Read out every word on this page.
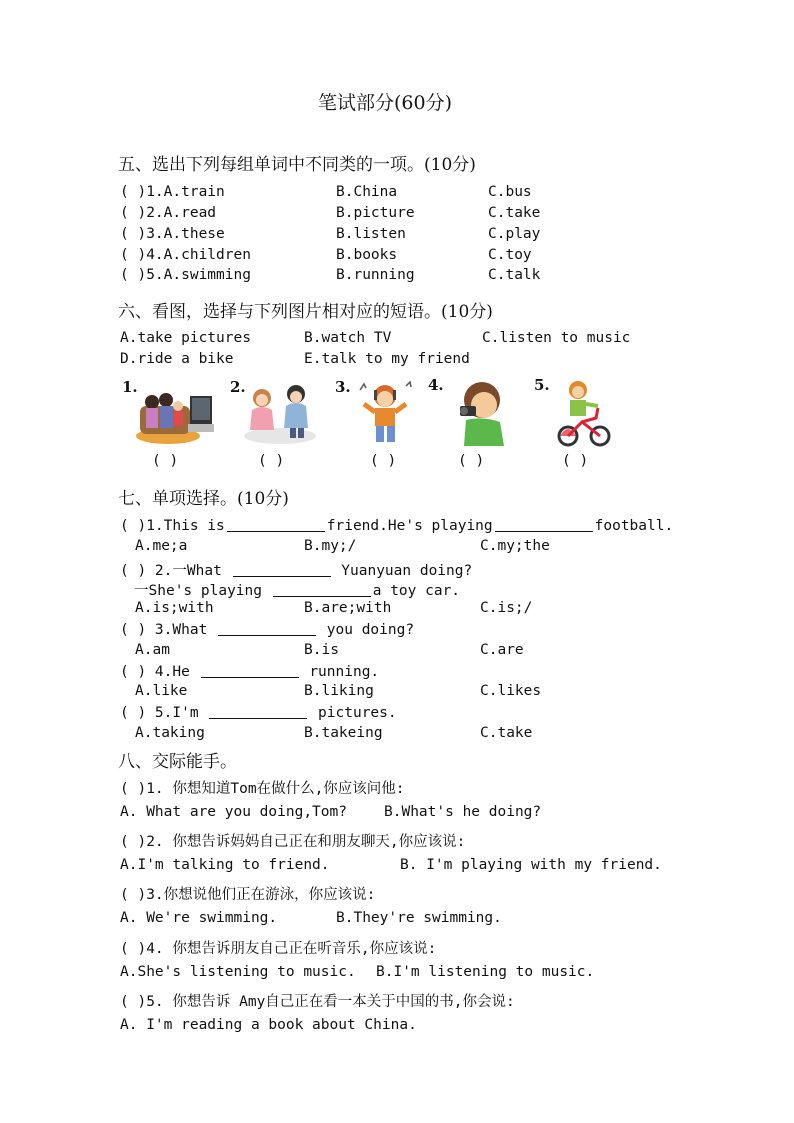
笔试部分(60分)
五、选出下列每组单词中不同类的一项。(10分)
( )1.A.train	B.China	C.bus
( )2.A.read	B.picture	C.take
( )3.A.these	B.listen	C.play
( )4.A.children	B.books	C.toy
( )5.A.swimming	B.running	C.talk
六、看图，选择与下列图片相对应的短语。(10分)
A.take pictures	B.watch TV	C.listen to music
D.ride a bike	E.talk to my friend
1.	2.	3.	4.	5.
( )	( )	( )	( )	( )
七、单项选择。(10分)
( )1.This is	friend.He's playing	football.
A.me;a	B.my;/	C.my;the
( ) 2.一What	Yuanyuan doing?
一She's playing	a toy car.
A.is;with	B.are;with	C.is;/
( ) 3.What	you doing?
A.am	B.is	C.are
( ) 4.He	running.
A.like	B.liking	C.likes
( ) 5.I'm	pictures.
A.taking	B.takeing	C.take
八、交际能手。
( )1. 你想知道Tom在做什么,你应该问他:
A. What are you doing,Tom?	B.What's he doing?
( )2. 你想告诉妈妈自己正在和朋友聊天,你应该说:
A.I'm talking to friend.	B. I'm playing with my friend.
( )3.你想说他们正在游泳，你应该说:
A. We're swimming.	B.They're swimming.
( )4. 你想告诉朋友自己正在听音乐,你应该说:
A.She's listening to music. B.I'm listening to music.
( )5. 你想告诉 Amy自己正在看一本关于中国的书,你会说:
A. I'm reading a book about China.
